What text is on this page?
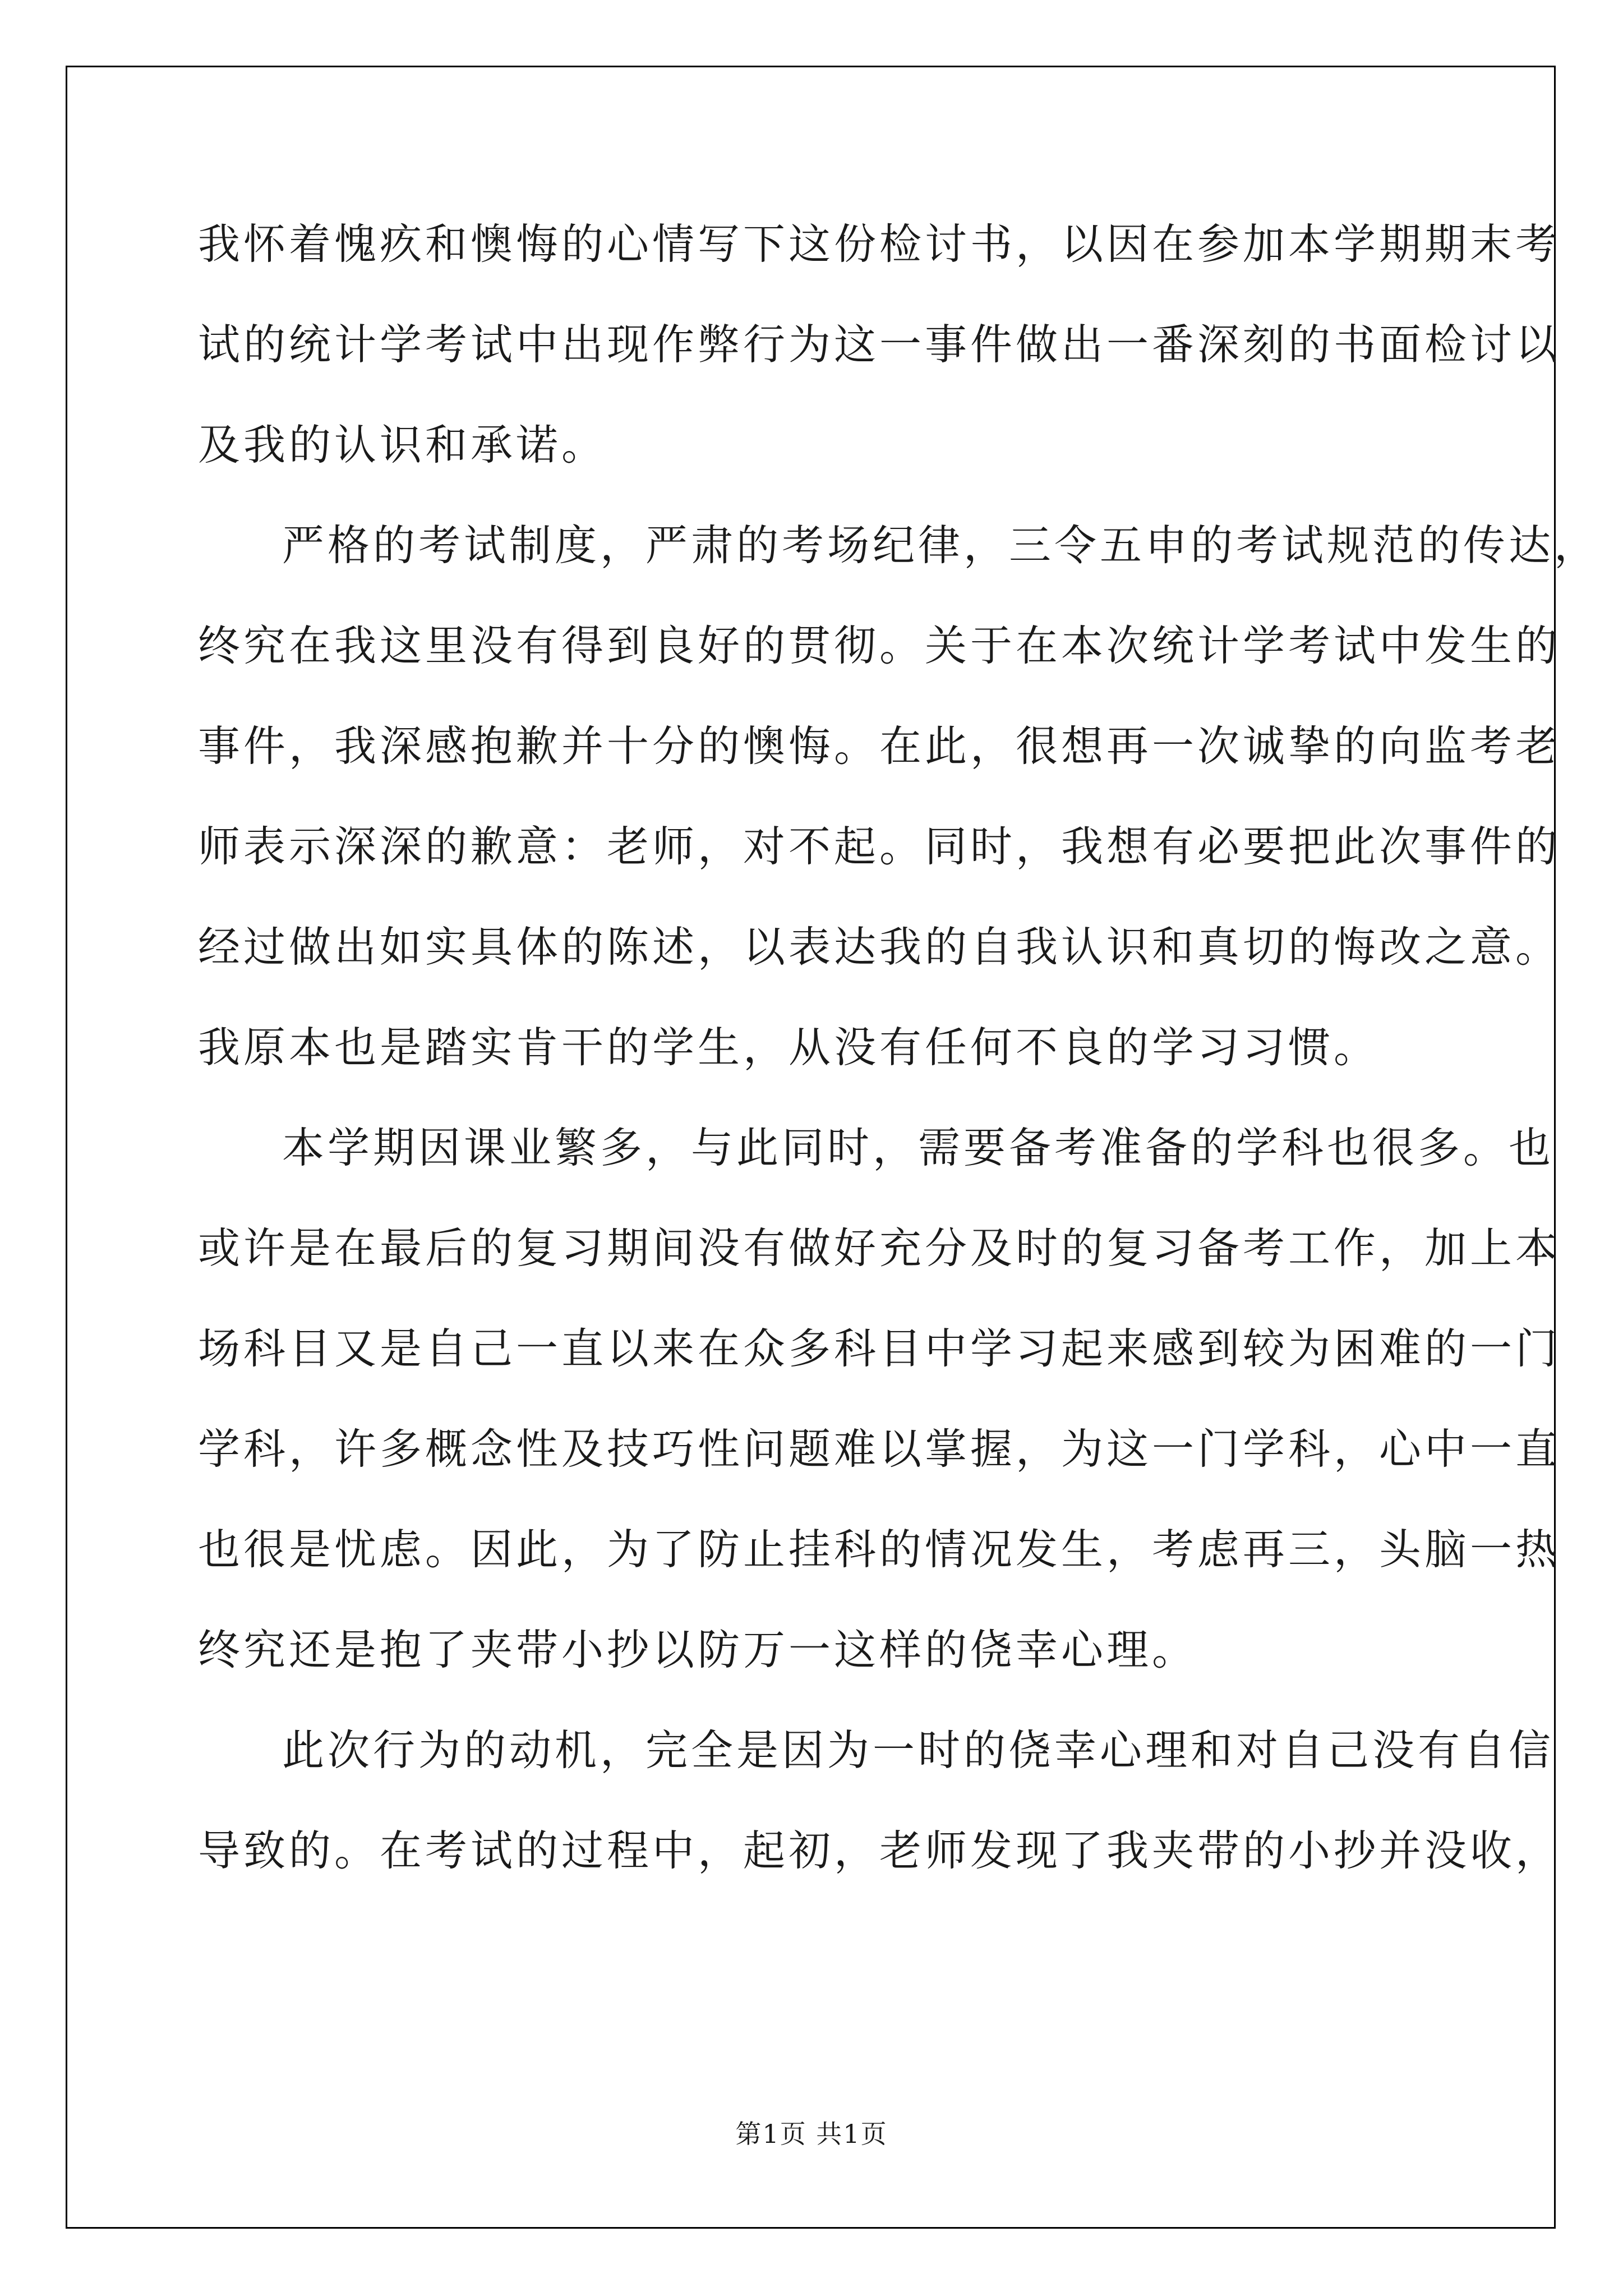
我怀着愧疚和懊悔的心情写下这份检讨书，以因在参加本学期期末考
试的统计学考试中出现作弊行为这一事件做出一番深刻的书面检讨以
及我的认识和承诺。

严格的考试制度，严肃的考场纪律，三令五申的考试规范的传达，
终究在我这里没有得到良好的贯彻。关于在本次统计学考试中发生的
事件，我深感抱歉并十分的懊悔。在此，很想再一次诚挚的向监考老
师表示深深的歉意：老师，对不起。同时，我想有必要把此次事件的
经过做出如实具体的陈述，以表达我的自我认识和真切的悔改之意。
我原本也是踏实肯干的学生，从没有任何不良的学习习惯。

本学期因课业繁多，与此同时，需要备考准备的学科也很多。也
或许是在最后的复习期间没有做好充分及时的复习备考工作，加上本
场科目又是自己一直以来在众多科目中学习起来感到较为困难的一门
学科，许多概念性及技巧性问题难以掌握，为这一门学科，心中一直
也很是忧虑。因此，为了防止挂科的情况发生，考虑再三，头脑一热
终究还是抱了夹带小抄以防万一这样的侥幸心理。

此次行为的动机，完全是因为一时的侥幸心理和对自己没有自信
导致的。在考试的过程中，起初，老师发现了我夹带的小抄并没收，

第1页 共1页
